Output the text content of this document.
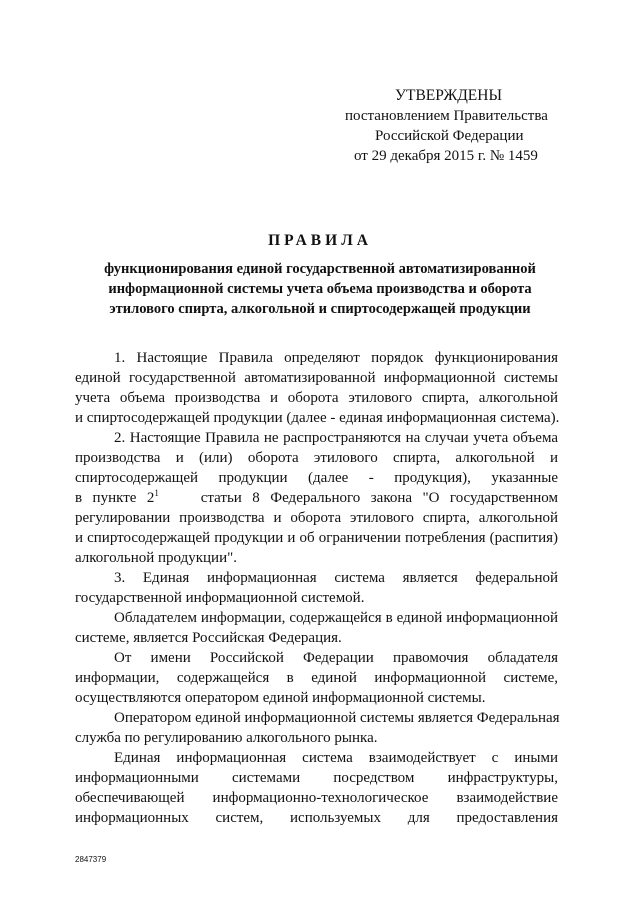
УТВЕРЖДЕНЫ
постановлением Правительства
Российской Федерации
от 29 декабря 2015 г. № 1459
ПРАВИЛА
функционирования единой государственной автоматизированной
информационной системы учета объема производства и оборота
этилового спирта, алкогольной и спиртосодержащей продукции
1. Настоящие Правила определяют порядок функционирования
единой государственной автоматизированной информационной системы
учета объема производства и оборота этилового спирта, алкогольной
и спиртосодержащей продукции (далее - единая информационная система).
2. Настоящие Правила не распространяются на случаи учета объема
производства и (или) оборота этилового спирта, алкогольной и
спиртосодержащей продукции (далее - продукция), указанные
в пункте $2^1$	статьи 8 Федерального закона "О государственном
регулировании производства и оборота этилового спирта, алкогольной
и спиртосодержащей продукции и об ограничении потребления (распития)
алкогольной продукции".
3. Единая информационная система является федеральной
государственной информационной системой.
Обладателем информации, содержащейся в единой информационной
системе, является Российская Федерация.
От имени Российской Федерации правомочия обладателя
информации, содержащейся в единой информационной системе,
осуществляются оператором единой информационной системы.
Оператором единой информационной системы является Федеральная
служба по регулированию алкогольного рынка.
Единая информационная система взаимодействует с иными
информационными системами посредством инфраструктуры,
обеспечивающей информационно-технологическое взаимодействие
информационных систем, используемых для предоставления
2847379
